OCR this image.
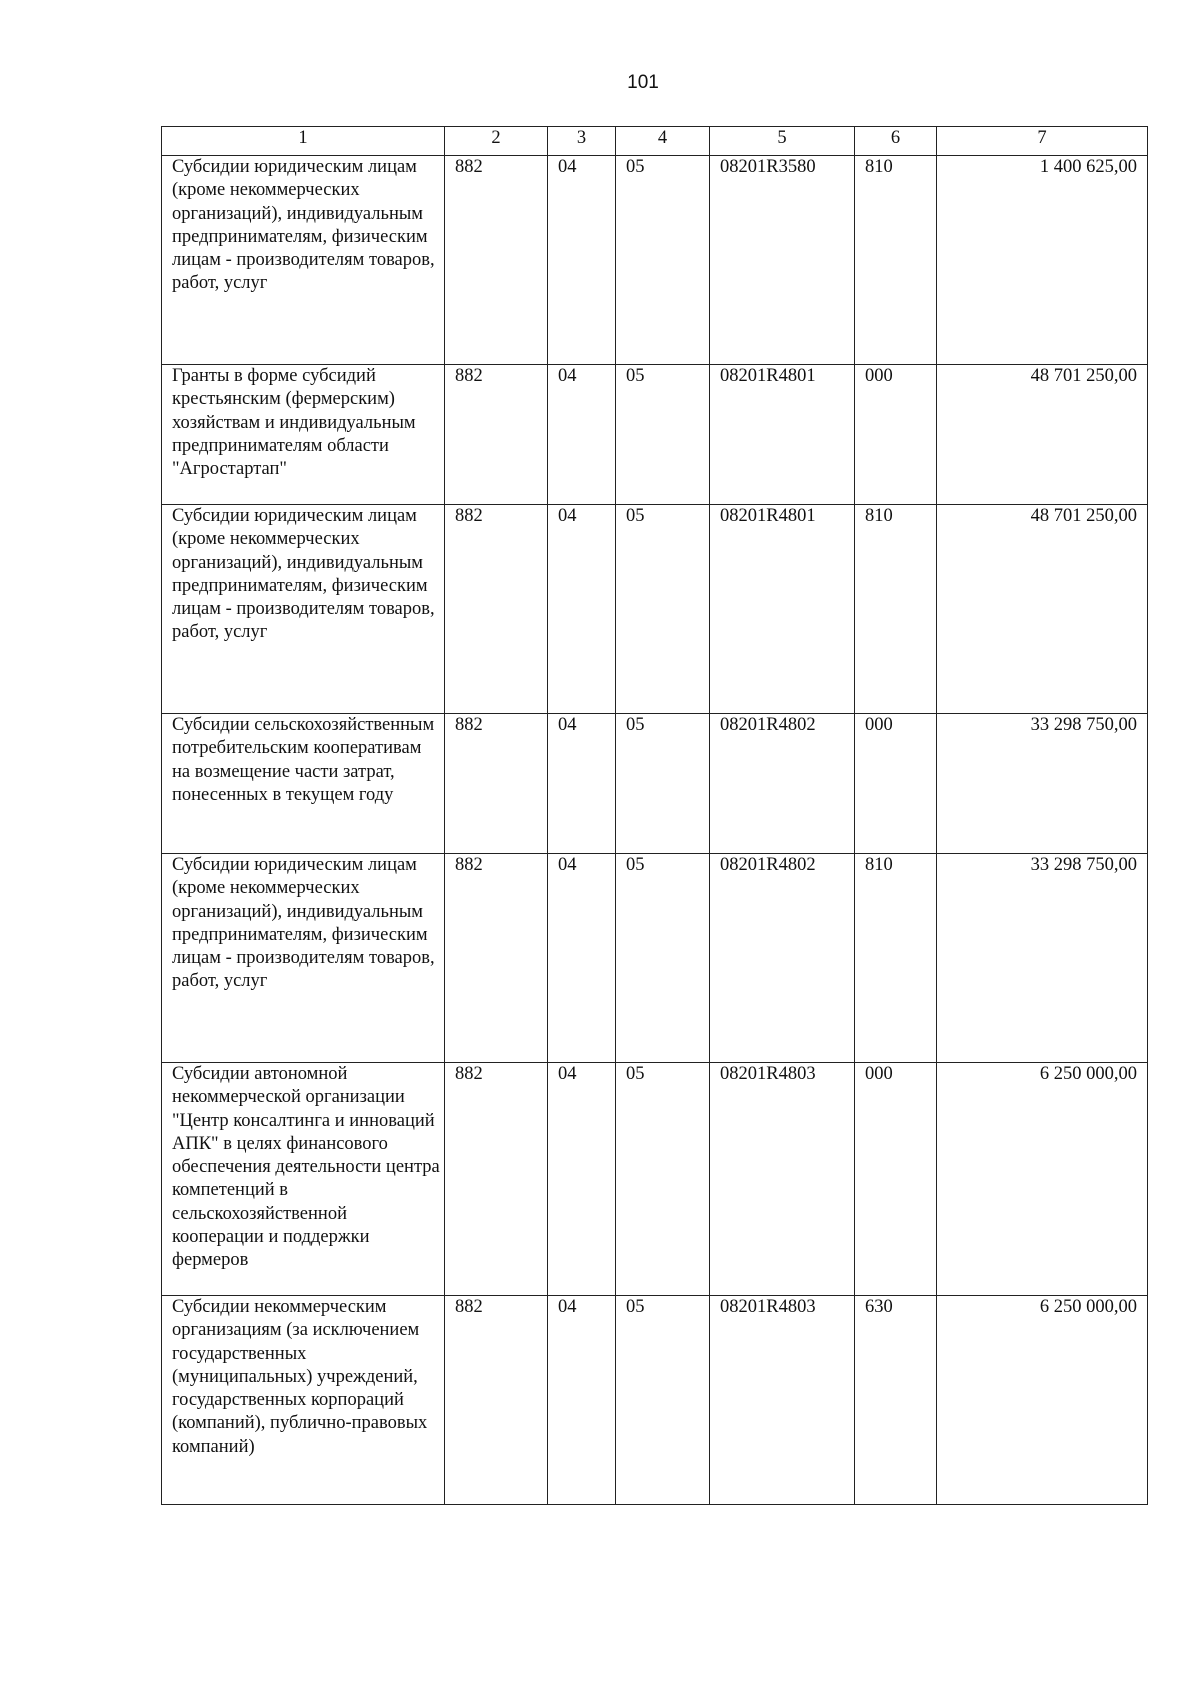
101
1	2	3	4	5	6	7
Субсидии юридическим лицам (кроме некоммерческих организаций), индивидуальным предпринимателям, физическим лицам - производителям товаров, работ, услуг	882	04	05	08201R3580	810	1 400 625,00
Гранты в форме субсидий крестьянским (фермерским) хозяйствам и индивидуальным предпринимателям области "Агростартап"	882	04	05	08201R4801	000	48 701 250,00
Субсидии юридическим лицам (кроме некоммерческих организаций), индивидуальным предпринимателям, физическим лицам - производителям товаров, работ, услуг	882	04	05	08201R4801	810	48 701 250,00
Субсидии сельскохозяйственным потребительским кооперативам на возмещение части затрат, понесенных в текущем году	882	04	05	08201R4802	000	33 298 750,00
Субсидии юридическим лицам (кроме некоммерческих организаций), индивидуальным предпринимателям, физическим лицам - производителям товаров, работ, услуг	882	04	05	08201R4802	810	33 298 750,00
Субсидии автономной некоммерческой организации "Центр консалтинга и инноваций АПК" в целях финансового обеспечения деятельности центра компетенций в сельскохозяйственной кооперации и поддержки фермеров	882	04	05	08201R4803	000	6 250 000,00
Субсидии некоммерческим организациям (за исключением государственных (муниципальных) учреждений, государственных корпораций (компаний), публично-правовых компаний)	882	04	05	08201R4803	630	6 250 000,00
